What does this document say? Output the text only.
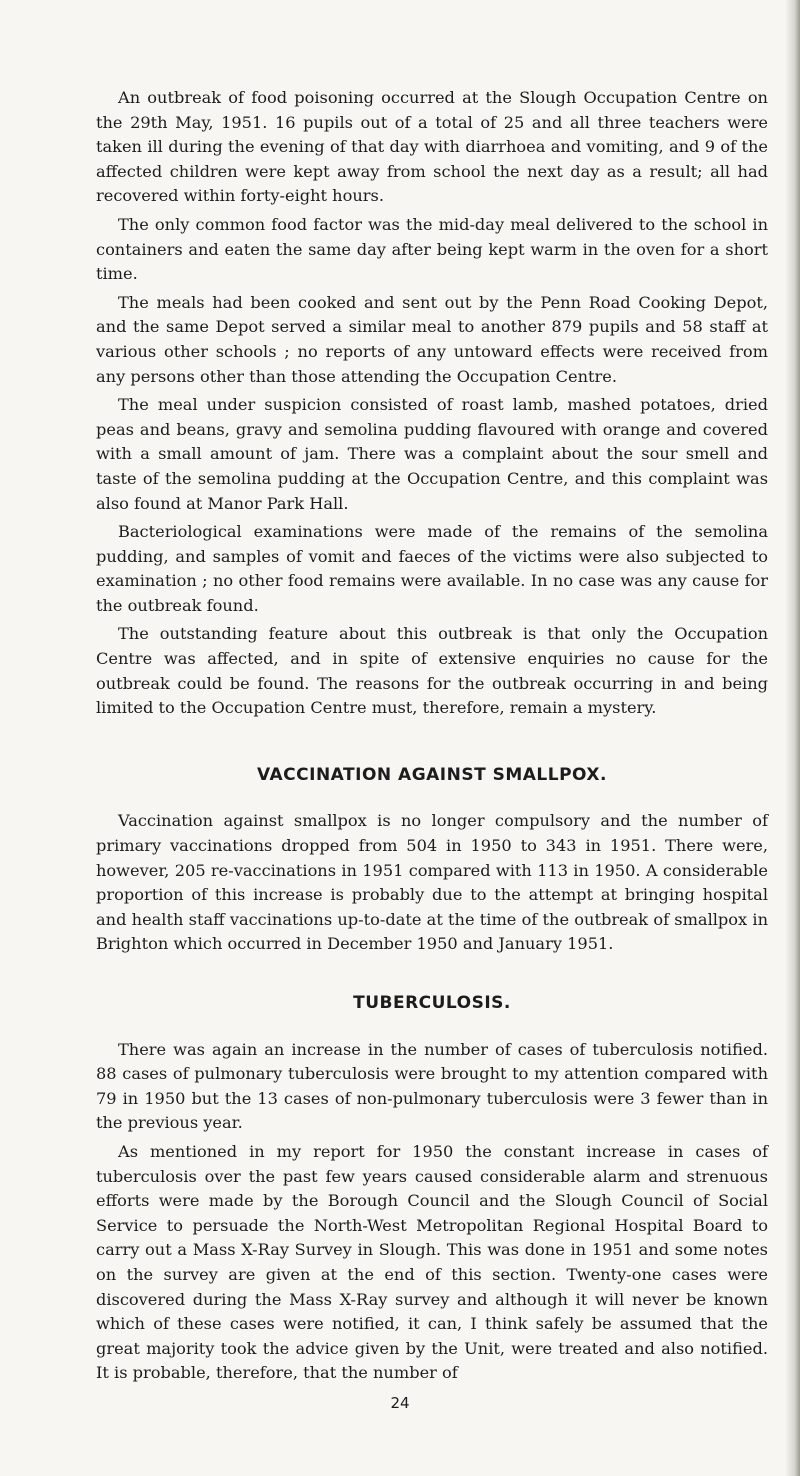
An outbreak of food poisoning occurred at the Slough Occupation Centre on the 29th May, 1951. 16 pupils out of a total of 25 and all three teachers were taken ill during the evening of that day with diarrhoea and vomiting, and 9 of the affected children were kept away from school the next day as a result; all had recovered within forty-eight hours.

The only common food factor was the mid-day meal delivered to the school in containers and eaten the same day after being kept warm in the oven for a short time.

The meals had been cooked and sent out by the Penn Road Cooking Depot, and the same Depot served a similar meal to another 879 pupils and 58 staff at various other schools ; no reports of any untoward effects were received from any persons other than those attending the Occupation Centre.

The meal under suspicion consisted of roast lamb, mashed potatoes, dried peas and beans, gravy and semolina pudding flavoured with orange and covered with a small amount of jam. There was a complaint about the sour smell and taste of the semolina pudding at the Occupation Centre, and this complaint was also found at Manor Park Hall.

Bacteriological examinations were made of the remains of the semolina pudding, and samples of vomit and faeces of the victims were also subjected to examination ; no other food remains were available. In no case was any cause for the outbreak found.

The outstanding feature about this outbreak is that only the Occupation Centre was affected, and in spite of extensive enquiries no cause for the outbreak could be found. The reasons for the outbreak occurring in and being limited to the Occupation Centre must, therefore, remain a mystery.

VACCINATION AGAINST SMALLPOX.

Vaccination against smallpox is no longer compulsory and the number of primary vaccinations dropped from 504 in 1950 to 343 in 1951. There were, however, 205 re-vaccinations in 1951 compared with 113 in 1950. A considerable proportion of this increase is probably due to the attempt at bringing hospital and health staff vaccinations up-to-date at the time of the outbreak of smallpox in Brighton which occurred in December 1950 and January 1951.

TUBERCULOSIS.

There was again an increase in the number of cases of tuberculosis notified. 88 cases of pulmonary tuberculosis were brought to my attention compared with 79 in 1950 but the 13 cases of non-pulmonary tuberculosis were 3 fewer than in the previous year.

As mentioned in my report for 1950 the constant increase in cases of tuberculosis over the past few years caused considerable alarm and strenuous efforts were made by the Borough Council and the Slough Council of Social Service to persuade the North-West Metropolitan Regional Hospital Board to carry out a Mass X-Ray Survey in Slough. This was done in 1951 and some notes on the survey are given at the end of this section. Twenty-one cases were discovered during the Mass X-Ray survey and although it will never be known which of these cases were notified, it can, I think safely be assumed that the great majority took the advice given by the Unit, were treated and also notified. It is probable, therefore, that the number of

24
